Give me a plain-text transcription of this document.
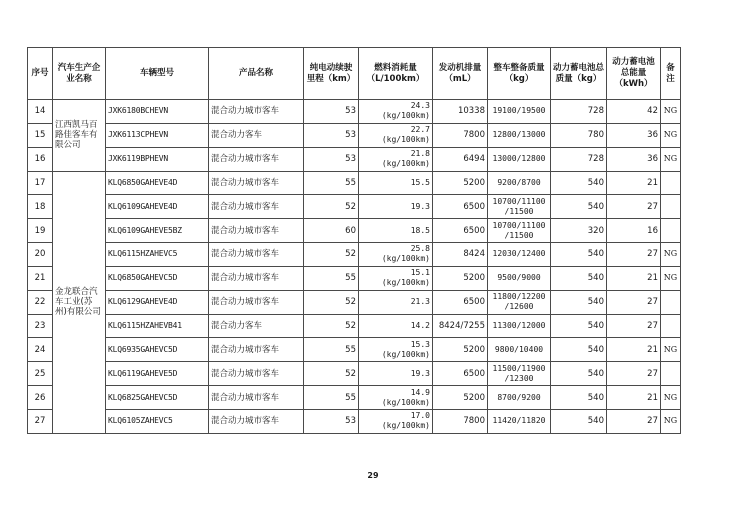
序号	汽车生产企业名称	车辆型号	产品名称	纯电动续驶里程（km）	燃料消耗量（L/100km）	发动机排量（mL）	整车整备质量（kg）	动力蓄电池总质量（kg）	动力蓄电池总能量（kWh）	备注
14	江西凯马百路佳客车有限公司	JXK6180BCHEVN	混合动力城市客车	53	24.3
(kg/100km)	10338	19100/19500	728	42	NG
15		JXK6113CPHEVN	混合动力客车	53	22.7
(kg/100km)	7800	12800/13000	780	36	NG
16		JXK6119BPHEVN	混合动力城市客车	53	21.8
(kg/100km)	6494	13000/12800	728	36	NG
17	金龙联合汽车工业(苏州)有限公司	KLQ6850GAHEVE4D	混合动力城市客车	55	15.5	5200	9200/8700	540	21	
18		KLQ6109GAHEVE4D	混合动力城市客车	52	19.3	6500	10700/11100
/11500	540	27	
19		KLQ6109GAHEVE5BZ	混合动力城市客车	60	18.5	6500	10700/11100
/11500	320	16	
20		KLQ6115HZAHEVC5	混合动力城市客车	52	25.8
(kg/100km)	8424	12030/12400	540	27	NG
21		KLQ6850GAHEVC5D	混合动力城市客车	55	15.1
(kg/100km)	5200	9500/9000	540	21	NG
22		KLQ6129GAHEVE4D	混合动力城市客车	52	21.3	6500	11800/12200
/12600	540	27	
23		KLQ6115HZAHEVB41	混合动力客车	52	14.2	8424/7255	11300/12000	540	27	
24		KLQ6935GAHEVC5D	混合动力城市客车	55	15.3
(kg/100km)	5200	9800/10400	540	21	NG
25		KLQ6119GAHEVE5D	混合动力城市客车	52	19.3	6500	11500/11900
/12300	540	27	
26		KLQ6825GAHEVC5D	混合动力城市客车	55	14.9
(kg/100km)	5200	8700/9200	540	21	NG
27		KLQ6105ZAHEVC5	混合动力城市客车	53	17.0
(kg/100km)	7800	11420/11820	540	27	NG
29
